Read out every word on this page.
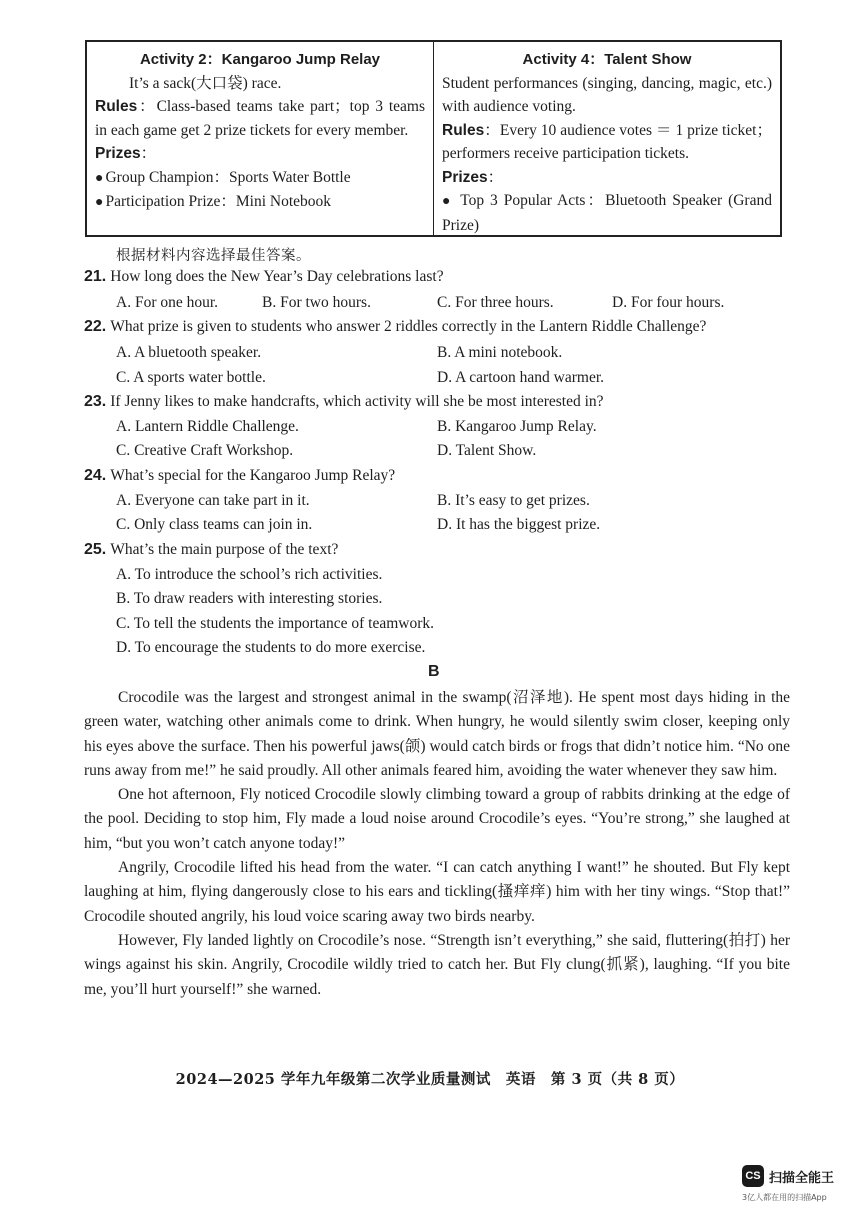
Activity 2：Kangaroo Jump Relay
It’s a sack(大口袋) race.
Rules：Class-based teams take part；top 3 teams in each game get 2 prize tickets for every member.
Prizes：
● Group Champion：Sports Water Bottle
● Participation Prize：Mini Notebook
Activity 4：Talent Show
Student performances (singing, dancing, magic, etc.) with audience voting.
Rules：Every 10 audience votes ＝ 1 prize ticket；performers receive participation tickets.
Prizes：
● Top 3 Popular Acts：Bluetooth Speaker (Grand Prize)
根据材料内容选择最佳答案。
21. How long does the New Year’s Day celebrations last?
A. For one hour.	B. For two hours.	C. For three hours.	D. For four hours.
22. What prize is given to students who answer 2 riddles correctly in the Lantern Riddle Challenge?
A. A bluetooth speaker.	B. A mini notebook.
C. A sports water bottle.	D. A cartoon hand warmer.
23. If Jenny likes to make handcrafts, which activity will she be most interested in?
A. Lantern Riddle Challenge.	B. Kangaroo Jump Relay.
C. Creative Craft Workshop.	D. Talent Show.
24. What’s special for the Kangaroo Jump Relay?
A. Everyone can take part in it.	B. It’s easy to get prizes.
C. Only class teams can join in.	D. It has the biggest prize.
25. What’s the main purpose of the text?
A. To introduce the school’s rich activities.
B. To draw readers with interesting stories.
C. To tell the students the importance of teamwork.
D. To encourage the students to do more exercise.
B

Crocodile was the largest and strongest animal in the swamp(沼泽地). He spent most days hiding in the green water, watching other animals come to drink. When hungry, he would silently swim closer, keeping only his eyes above the surface. Then his powerful jaws(颌) would catch birds or frogs that didn’t notice him. “No one runs away from me!” he said proudly. All other animals feared him, avoiding the water whenever they saw him.

One hot afternoon, Fly noticed Crocodile slowly climbing toward a group of rabbits drinking at the edge of the pool. Deciding to stop him, Fly made a loud noise around Crocodile’s eyes. “You’re strong,” she laughed at him, “but you won’t catch anyone today!”

Angrily, Crocodile lifted his head from the water. “I can catch anything I want!” he shouted. But Fly kept laughing at him, flying dangerously close to his ears and tickling(搔痒痒) him with her tiny wings. “Stop that!” Crocodile shouted angrily, his loud voice scaring away two birds nearby.

However, Fly landed lightly on Crocodile’s nose. “Strength isn’t everything,” she said, fluttering(拍打) her wings against his skin. Angrily, Crocodile wildly tried to catch her. But Fly clung(抓紧), laughing. “If you bite me, you’ll hurt yourself!” she warned.

2024—2025 学年九年级第二次学业质量测试　英语　第 3 页（共 8 页）
CS 扫描全能王
3亿人都在用的扫描App
